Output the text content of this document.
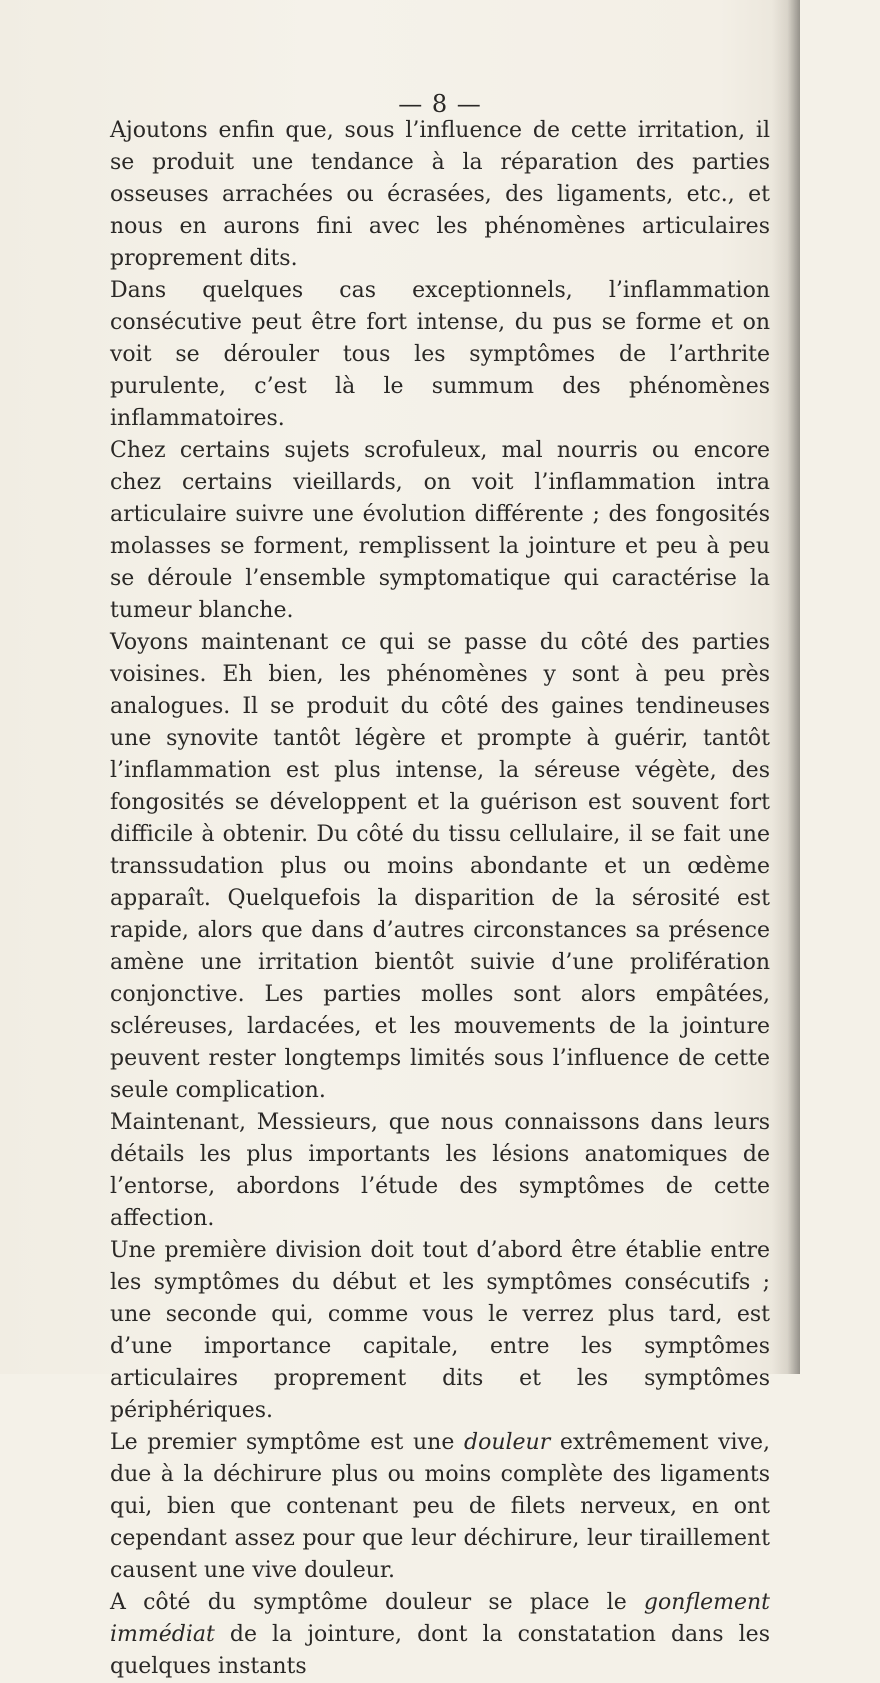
— 8 —

Ajoutons enfin que, sous l’influence de cette irritation, il se produit une tendance à la réparation des parties osseuses arrachées ou écrasées, des ligaments, etc., et nous en aurons fini avec les phénomènes articulaires proprement dits.

Dans quelques cas exceptionnels, l’inflammation consécutive peut être fort intense, du pus se forme et on voit se dérouler tous les symptômes de l’arthrite purulente, c’est là le summum des phénomènes inflammatoires.

Chez certains sujets scrofuleux, mal nourris ou encore chez certains vieillards, on voit l’inflammation intra articulaire suivre une évolution différente ; des fongosités molasses se forment, remplissent la jointure et peu à peu se déroule l’ensemble symptomatique qui caractérise la tumeur blanche.

Voyons maintenant ce qui se passe du côté des parties voisines. Eh bien, les phénomènes y sont à peu près analogues. Il se produit du côté des gaines tendineuses une synovite tantôt légère et prompte à guérir, tantôt l’inflammation est plus intense, la séreuse végète, des fongosités se développent et la guérison est souvent fort difficile à obtenir. Du côté du tissu cellulaire, il se fait une transsudation plus ou moins abondante et un œdème apparaît. Quelquefois la disparition de la sérosité est rapide, alors que dans d’autres circonstances sa présence amène une irritation bientôt suivie d’une prolifération conjonctive. Les parties molles sont alors empâtées, scléreuses, lardacées, et les mouvements de la jointure peuvent rester longtemps limités sous l’influence de cette seule complication.

Maintenant, Messieurs, que nous connaissons dans leurs détails les plus importants les lésions anatomiques de l’entorse, abordons l’étude des symptômes de cette affection.

Une première division doit tout d’abord être établie entre les symptômes du début et les symptômes consécutifs ; une seconde qui, comme vous le verrez plus tard, est d’une importance capitale, entre les symptômes articulaires proprement dits et les symptômes périphériques.

Le premier symptôme est une douleur extrêmement vive, due à la déchirure plus ou moins complète des ligaments qui, bien que contenant peu de filets nerveux, en ont cependant assez pour que leur déchirure, leur tiraillement causent une vive douleur.

A côté du symptôme douleur se place le gonflement immédiat de la jointure, dont la constatation dans les quelques instants
